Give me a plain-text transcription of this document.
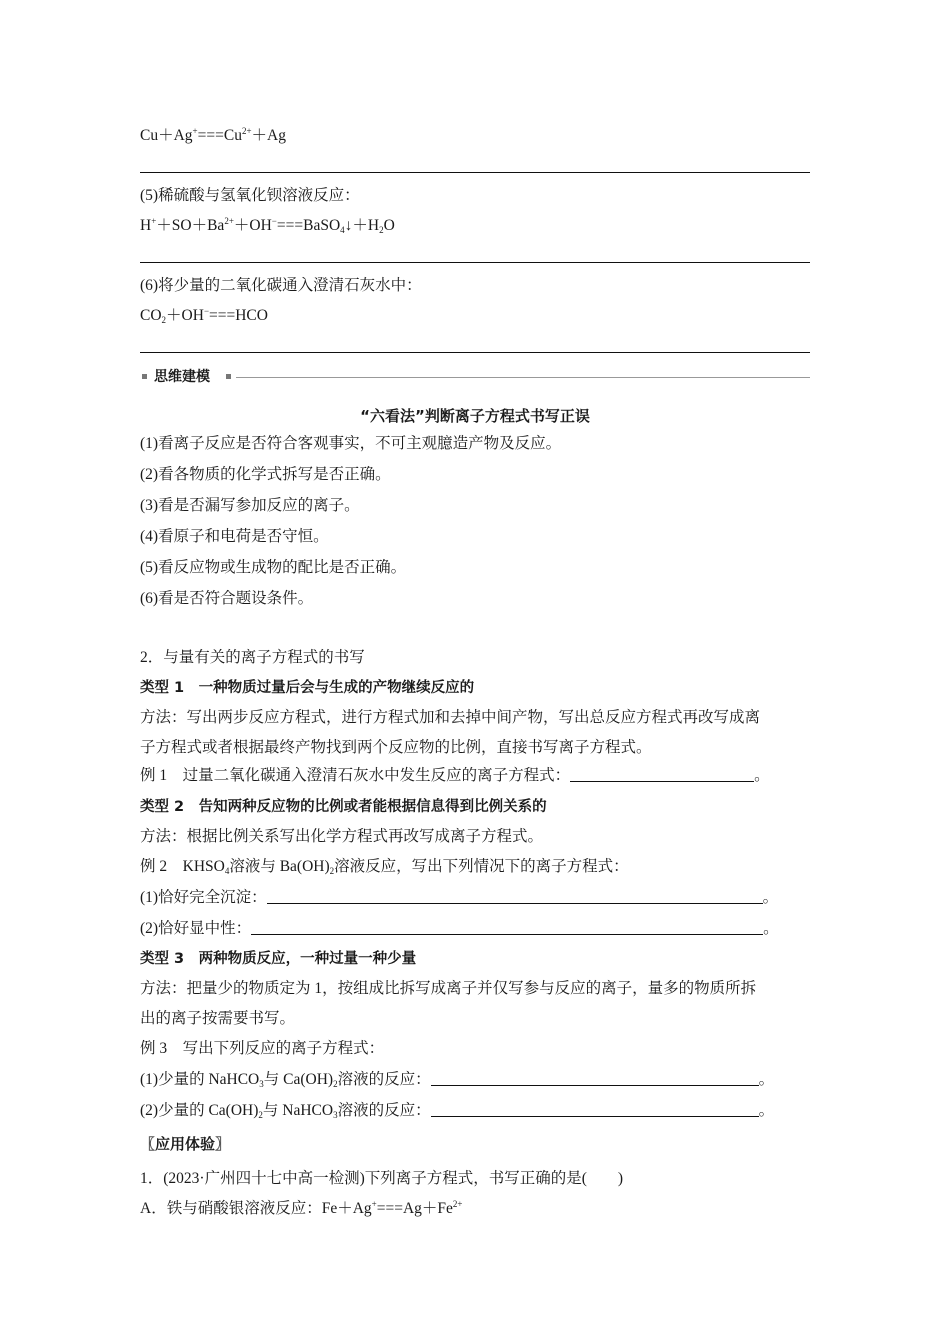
$Cu+Ag^+===Cu^{2+}+Ag$
(5)稀硫酸与氢氧化钡溶液反应：
$H^++SO+Ba^{2+}+OH^-===BaSO_4↓+H_2O$
(6)将少量的二氧化碳通入澄清石灰水中：
$CO_2+OH^-===HCO$
思维建模
“六看法”判断离子方程式书写正误
(1)看离子反应是否符合客观事实，不可主观臆造产物及反应。
(2)看各物质的化学式拆写是否正确。
(3)看是否漏写参加反应的离子。
(4)看原子和电荷是否守恒。
(5)看反应物或生成物的配比是否正确。
(6)看是否符合题设条件。
2．与量有关的离子方程式的书写
类型 1　一种物质过量后会与生成的产物继续反应的
方法：写出两步反应方程式，进行方程式加和去掉中间产物，写出总反应方程式再改写成离
子方程式或者根据最终产物找到两个反应物的比例，直接书写离子方程式。
例 1　过量二氧化碳通入澄清石灰水中发生反应的离子方程式：	。
类型 2　告知两种反应物的比例或者能根据信息得到比例关系的
方法：根据比例关系写出化学方程式再改写成离子方程式。
例 2　$KHSO_4$溶液与 $Ba(OH)_2$溶液反应，写出下列情况下的离子方程式：
(1)恰好完全沉淀：	。
(2)恰好显中性：	。
类型 3　两种物质反应，一种过量一种少量
方法：把量少的物质定为 1，按组成比拆写成离子并仅写参与反应的离子，量多的物质所拆
出的离子按需要书写。
例 3　写出下列反应的离子方程式：
(1)少量的 NaHCO$_3$与 $Ca(OH)_2$溶液的反应：	。
(2)少量的 $Ca(OH)_2$与 NaHCO$_3$溶液的反应：	。
〖应用体验〗
1．(2023·广州四十七中高一检测)下列离子方程式，书写正确的是(　　)
A．铁与硝酸银溶液反应：$Fe+Ag^+===Ag+Fe^{2+}$
